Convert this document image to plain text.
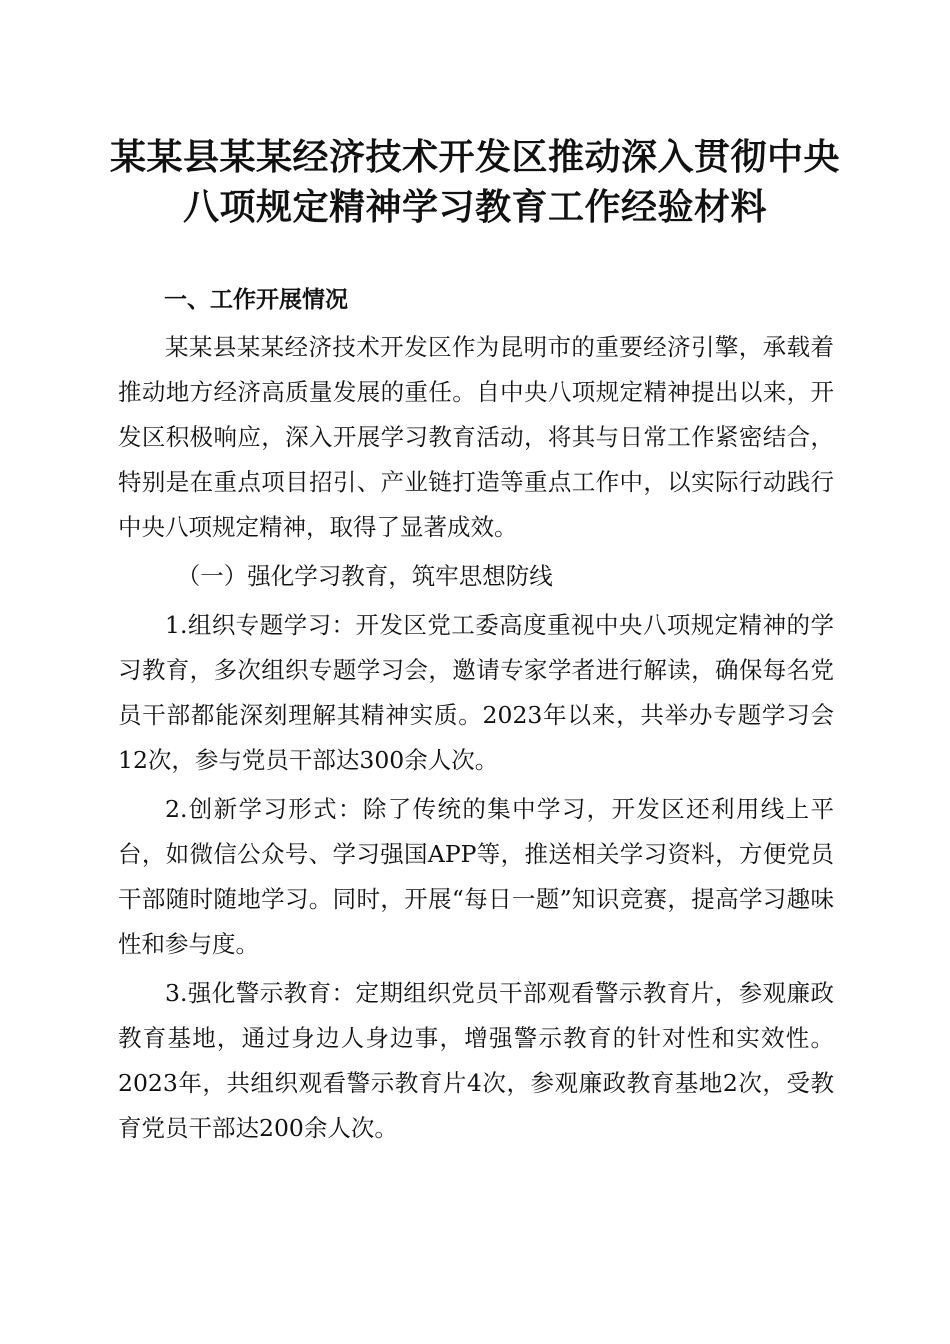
某某县某某经济技术开发区推动深入贯彻中央
八项规定精神学习教育工作经验材料

一、工作开展情况

某某县某某经济技术开发区作为昆明市的重要经济引擎，承载着推动地方经济高质量发展的重任。自中央八项规定精神提出以来，开发区积极响应，深入开展学习教育活动，将其与日常工作紧密结合，特别是在重点项目招引、产业链打造等重点工作中，以实际行动践行中央八项规定精神，取得了显著成效。

（一）强化学习教育，筑牢思想防线

1.组织专题学习：开发区党工委高度重视中央八项规定精神的学习教育，多次组织专题学习会，邀请专家学者进行解读，确保每名党员干部都能深刻理解其精神实质。2023年以来，共举办专题学习会12次，参与党员干部达300余人次。

2.创新学习形式：除了传统的集中学习，开发区还利用线上平台，如微信公众号、学习强国APP等，推送相关学习资料，方便党员干部随时随地学习。同时，开展“每日一题”知识竞赛，提高学习趣味性和参与度。

3.强化警示教育：定期组织党员干部观看警示教育片，参观廉政教育基地，通过身边人身边事，增强警示教育的针对性和实效性。2023年，共组织观看警示教育片4次，参观廉政教育基地2次，受教育党员干部达200余人次。
